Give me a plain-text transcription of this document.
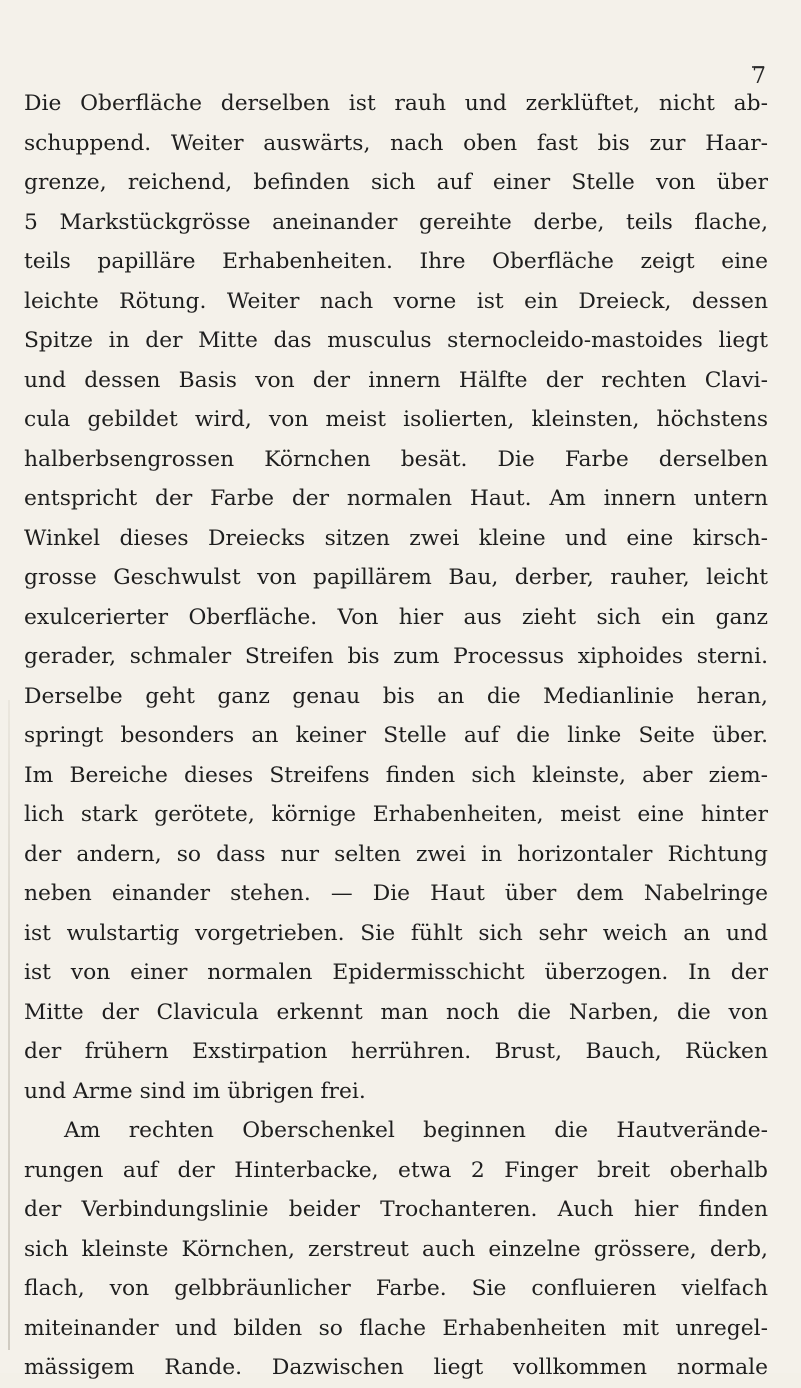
7
Die Oberfläche derselben ist rauh und zerklüftet, nicht ab-
schuppend. Weiter auswärts, nach oben fast bis zur Haar-
grenze, reichend, befinden sich auf einer Stelle von über
5 Markstückgrösse aneinander gereihte derbe, teils flache,
teils papilläre Erhabenheiten. Ihre Oberfläche zeigt eine
leichte Rötung. Weiter nach vorne ist ein Dreieck, dessen
Spitze in der Mitte das musculus sternocleido-mastoides liegt
und dessen Basis von der innern Hälfte der rechten Clavi-
cula gebildet wird, von meist isolierten, kleinsten, höchstens
halberbsengrossen Körnchen besät. Die Farbe derselben
entspricht der Farbe der normalen Haut. Am innern untern
Winkel dieses Dreiecks sitzen zwei kleine und eine kirsch-
grosse Geschwulst von papillärem Bau, derber, rauher, leicht
exulcerierter Oberfläche. Von hier aus zieht sich ein ganz
gerader, schmaler Streifen bis zum Processus xiphoides sterni.
Derselbe geht ganz genau bis an die Medianlinie heran,
springt besonders an keiner Stelle auf die linke Seite über.
Im Bereiche dieses Streifens finden sich kleinste, aber ziem-
lich stark gerötete, körnige Erhabenheiten, meist eine hinter
der andern, so dass nur selten zwei in horizontaler Richtung
neben einander stehen. — Die Haut über dem Nabelringe
ist wulstartig vorgetrieben. Sie fühlt sich sehr weich an und
ist von einer normalen Epidermisschicht überzogen. In der
Mitte der Clavicula erkennt man noch die Narben, die von
der frühern Exstirpation herrühren. Brust, Bauch, Rücken
und Arme sind im übrigen frei.
Am rechten Oberschenkel beginnen die Hautverände-
rungen auf der Hinterbacke, etwa 2 Finger breit oberhalb
der Verbindungslinie beider Trochanteren. Auch hier finden
sich kleinste Körnchen, zerstreut auch einzelne grössere, derb,
flach, von gelbbräunlicher Farbe. Sie confluieren vielfach
miteinander und bilden so flache Erhabenheiten mit unregel-
mässigem Rande. Dazwischen liegt vollkommen normale
